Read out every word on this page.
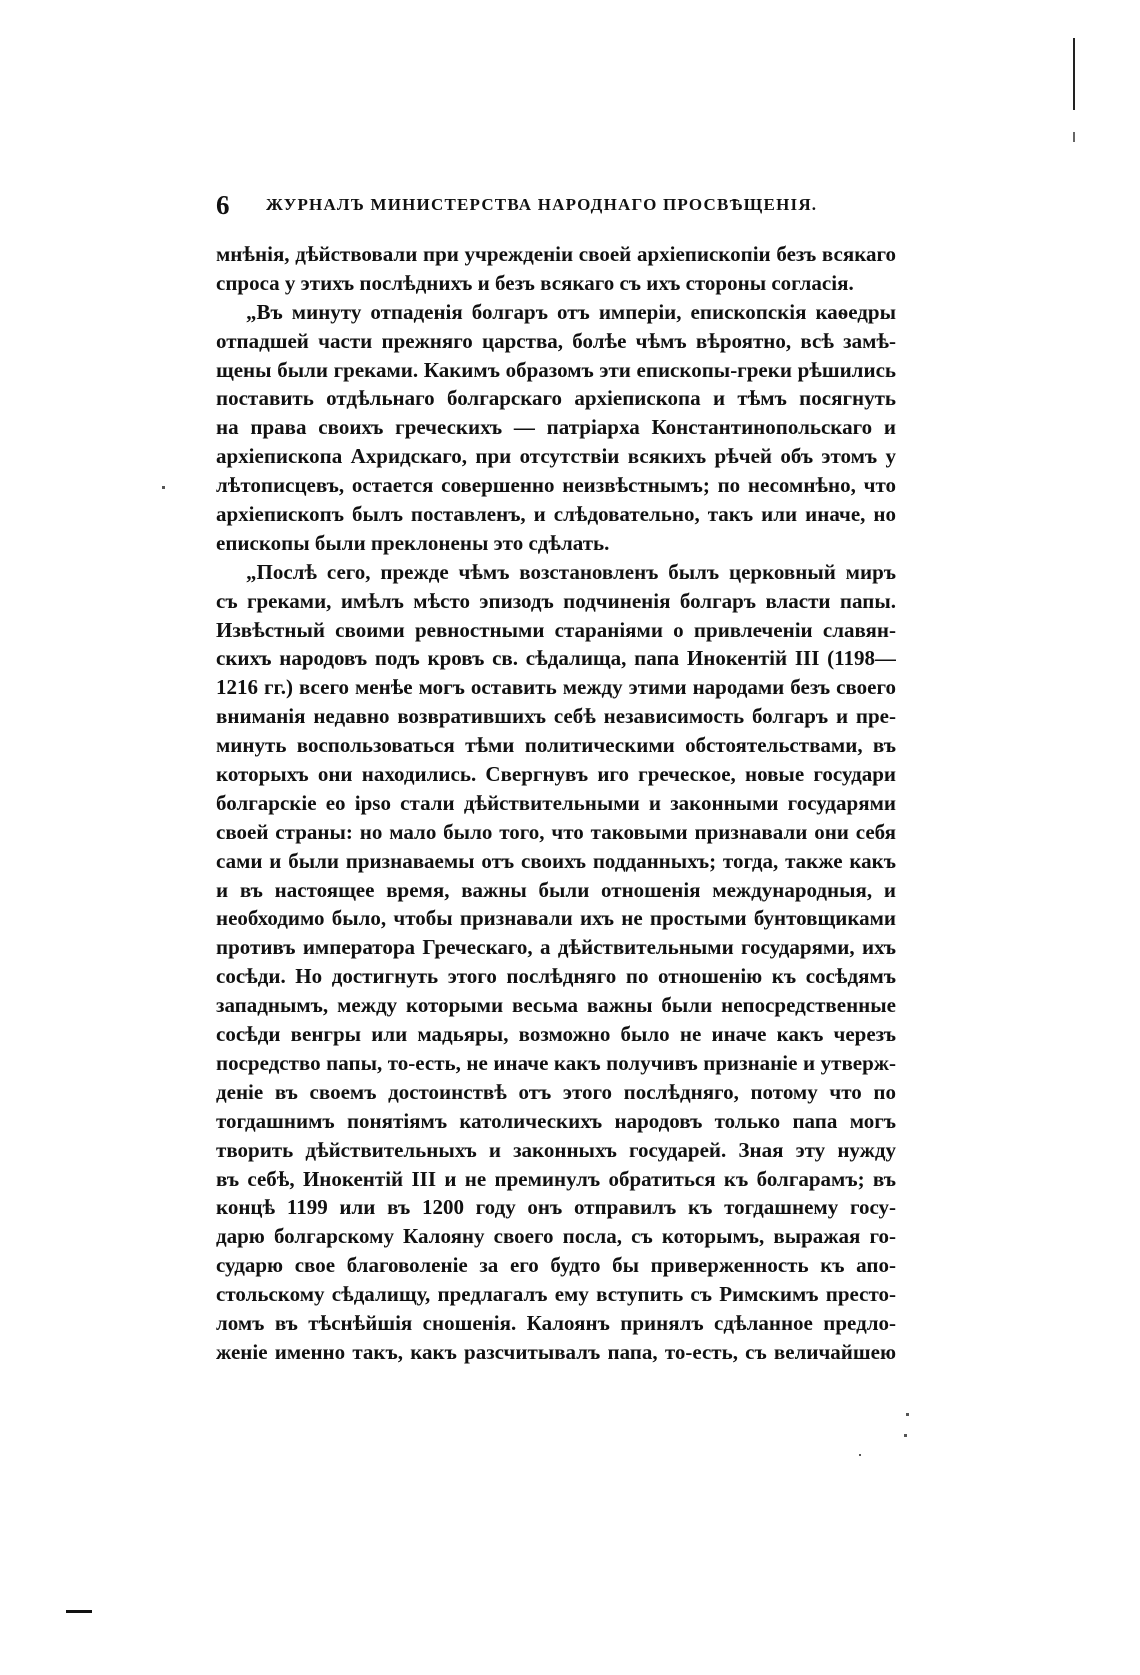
6 ЖУРНАЛЪ МИНИСТЕРСТВА НАРОДНАГО ПРОСВѢЩЕНІЯ.
мнѣнія, дѣйствовали при учрежденіи своей архіепископіи безъ всякаго
спроса у этихъ послѣднихъ и безъ всякаго съ ихъ стороны согласія.
„Въ минуту отпаденія болгаръ отъ имперіи, епископскія каѳедры
отпадшей части прежняго царства, болѣе чѣмъ вѣроятно, всѣ замѣ-
щены были греками. Какимъ образомъ эти епископы-греки рѣшились
поставить отдѣльнаго болгарскаго архіепископа и тѣмъ посягнуть
на права своихъ греческихъ — патріарха Константинопольскаго и
архіепископа Ахридскаго, при отсутствіи всякихъ рѣчей объ этомъ у
лѣтописцевъ, остается совершенно неизвѣстнымъ; по несомнѣно, что
архіепископъ былъ поставленъ, и слѣдовательно, такъ или иначе, но
епископы были преклонены это сдѣлать.
„Послѣ сего, прежде чѣмъ возстановленъ былъ церковный миръ
съ греками, имѣлъ мѣсто эпизодъ подчиненія болгаръ власти папы.
Извѣстный своими ревностными стараніями о привлеченіи славян-
скихъ народовъ подъ кровъ св. сѣдалища, папа Инокентій III (1198—
1216 гг.) всего менѣе могъ оставить между этими народами безъ своего
вниманія недавно возвратившихъ себѣ независимость болгаръ и пре-
минуть воспользоваться тѣми политическими обстоятельствами, въ
которыхъ они находились. Свергнувъ иго греческое, новые государи
болгарскіе eo ipso стали дѣйствительными и законными государями
своей страны: но мало было того, что таковыми признавали они себя
сами и были признаваемы отъ своихъ подданныхъ; тогда, также какъ
и въ настоящее время, важны были отношенія международныя, и
необходимо было, чтобы признавали ихъ не простыми бунтовщиками
противъ императора Греческаго, а дѣйствительными государями, ихъ
сосѣди. Но достигнуть этого послѣдняго по отношенію къ сосѣдямъ
западнымъ, между которыми весьма важны были непосредственные
сосѣди венгры или мадьяры, возможно было не иначе какъ черезъ
посредство папы, то-есть, не иначе какъ получивъ признаніе и утверж-
деніе въ своемъ достоинствѣ отъ этого послѣдняго, потому что по
тогдашнимъ понятіямъ католическихъ народовъ только папа могъ
творить дѣйствительныхъ и законныхъ государей. Зная эту нужду
въ себѣ, Инокентій III и не преминулъ обратиться къ болгарамъ; въ
концѣ 1199 или въ 1200 году онъ отправилъ къ тогдашнему госу-
дарю болгарскому Калояну своего посла, съ которымъ, выражая го-
сударю свое благоволеніе за его будто бы приверженность къ апо-
стольскому сѣдалищу, предлагалъ ему вступить съ Римскимъ престо-
ломъ въ тѣснѣйшія сношенія. Калоянъ принялъ сдѣланное предло-
женіе именно такъ, какъ разсчитывалъ папа, то-есть, съ величайшею
